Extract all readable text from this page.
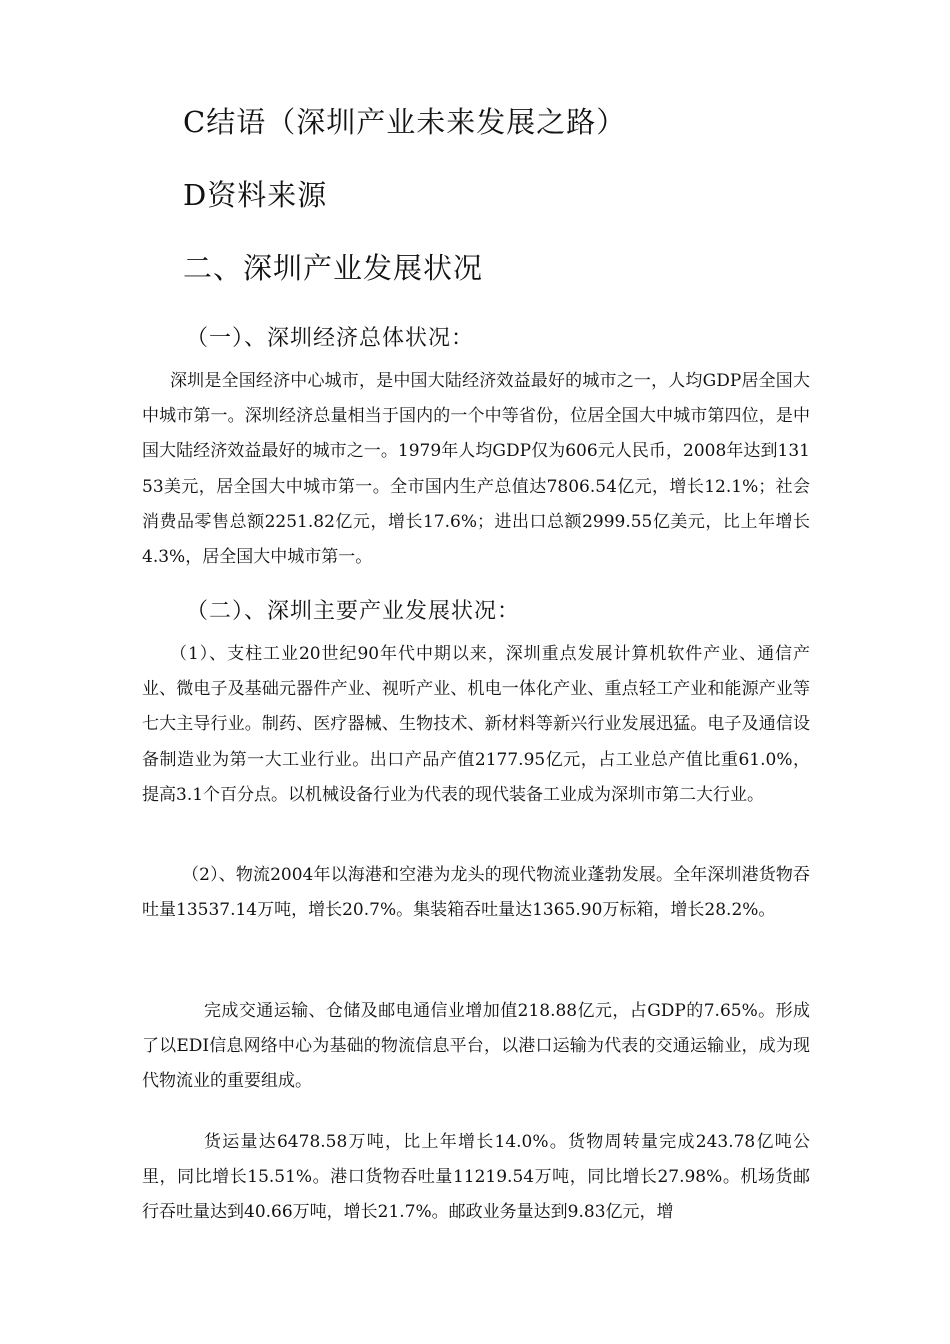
C结语（深圳产业未来发展之路）
D资料来源
二、深圳产业发展状况
（一）、深圳经济总体状况：
深圳是全国经济中心城市，是中国大陆经济效益最好的城市之一，人均GDP居全国大中城市第一。深圳经济总量相当于国内的一个中等省份，位居全国大中城市第四位，是中国大陆经济效益最好的城市之一。1979年人均GDP仅为606元人民币，2008年达到13153美元，居全国大中城市第一。全市国内生产总值达7806.54亿元，增长12.1%；社会消费品零售总额2251.82亿元，增长17.6%；进出口总额2999.55亿美元，比上年增长4.3%，居全国大中城市第一。
（二）、深圳主要产业发展状况：
（1）、支柱工业20世纪90年代中期以来，深圳重点发展计算机软件产业、通信产业、微电子及基础元器件产业、视听产业、机电一体化产业、重点轻工产业和能源产业等七大主导行业。制药、医疗器械、生物技术、新材料等新兴行业发展迅猛。电子及通信设备制造业为第一大工业行业。出口产品产值2177.95亿元，占工业总产值比重61.0%，提高3.1个百分点。以机械设备行业为代表的现代装备工业成为深圳市第二大行业。
（2）、物流2004年以海港和空港为龙头的现代物流业蓬勃发展。全年深圳港货物吞吐量13537.14万吨，增长20.7%。集装箱吞吐量达1365.90万标箱，增长28.2%。
完成交通运输、仓储及邮电通信业增加值218.88亿元，占GDP的7.65%。形成了以EDI信息网络中心为基础的物流信息平台，以港口运输为代表的交通运输业，成为现代物流业的重要组成。
货运量达6478.58万吨，比上年增长14.0%。货物周转量完成243.78亿吨公里，同比增长15.51%。港口货物吞吐量11219.54万吨，同比增长27.98%。机场货邮行吞吐量达到40.66万吨，增长21.7%。邮政业务量达到9.83亿元，增
